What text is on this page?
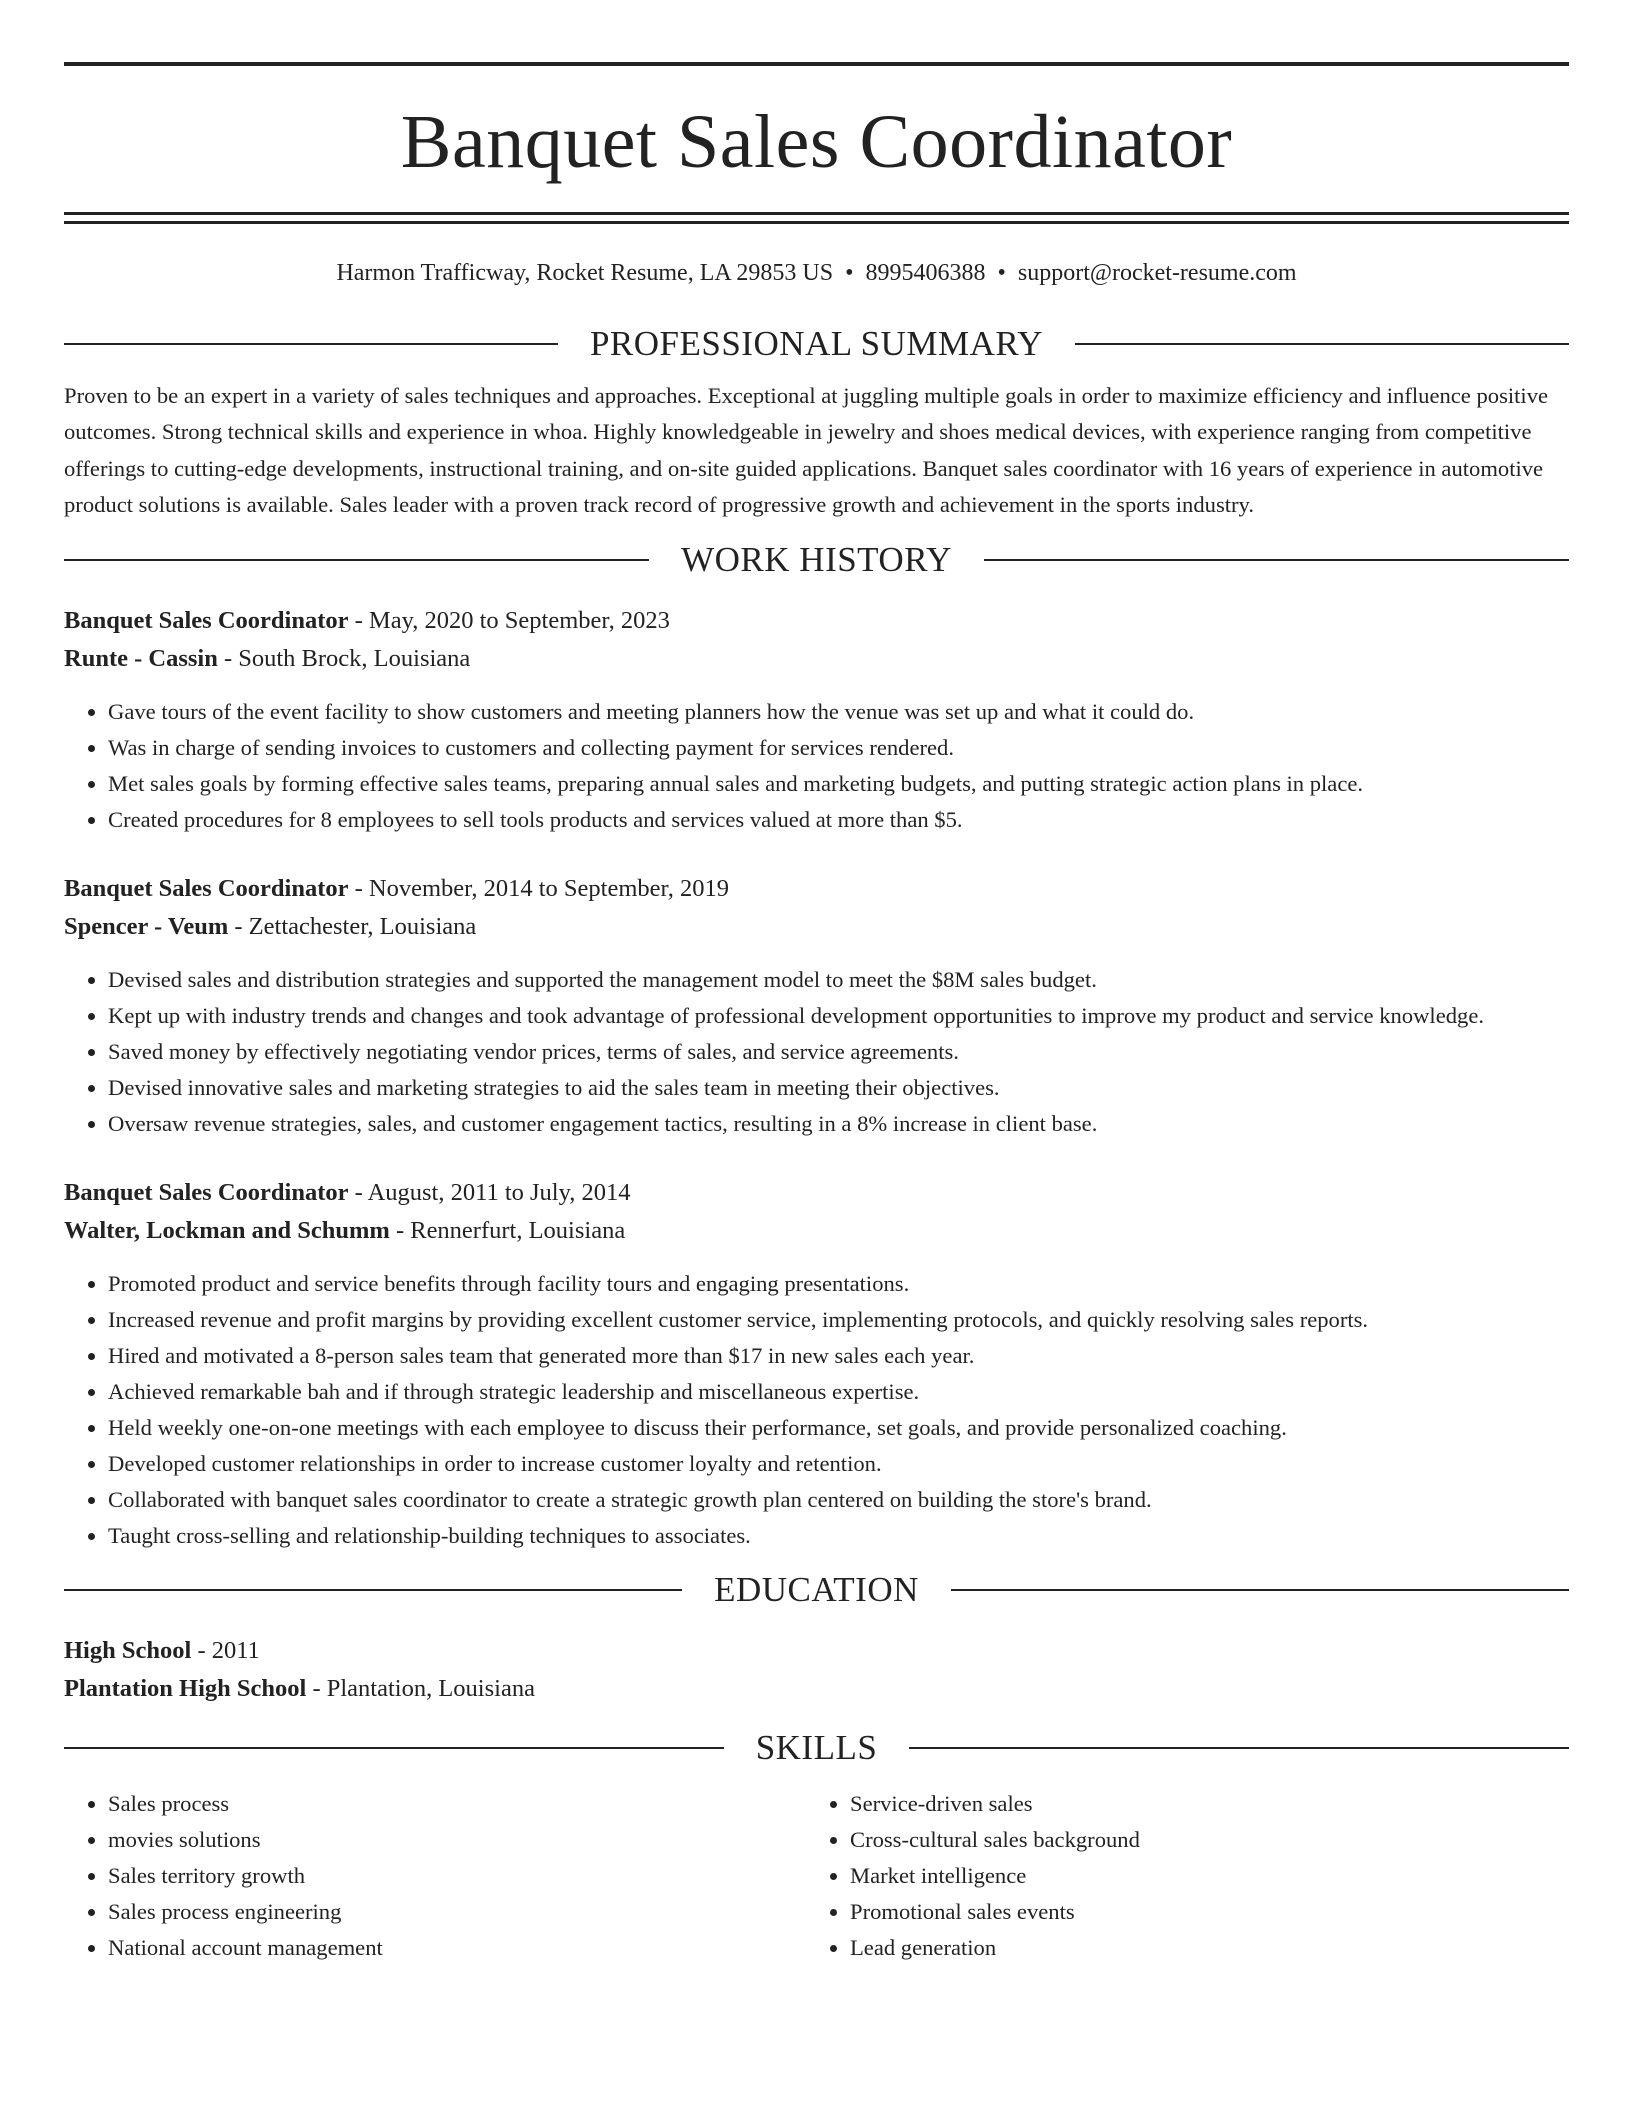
Banquet Sales Coordinator
Harmon Trafficway, Rocket Resume, LA 29853 US • 8995406388 • support@rocket-resume.com
PROFESSIONAL SUMMARY

Proven to be an expert in a variety of sales techniques and approaches. Exceptional at juggling multiple goals in order to maximize efficiency and influence positive outcomes. Strong technical skills and experience in whoa. Highly knowledgeable in jewelry and shoes medical devices, with experience ranging from competitive offerings to cutting-edge developments, instructional training, and on-site guided applications. Banquet sales coordinator with 16 years of experience in automotive product solutions is available. Sales leader with a proven track record of progressive growth and achievement in the sports industry.

WORK HISTORY
Banquet Sales Coordinator - May, 2020 to September, 2023
Runte - Cassin - South Brock, Louisiana
• Gave tours of the event facility to show customers and meeting planners how the venue was set up and what it could do.
• Was in charge of sending invoices to customers and collecting payment for services rendered.
• Met sales goals by forming effective sales teams, preparing annual sales and marketing budgets, and putting strategic action plans in place.
• Created procedures for 8 employees to sell tools products and services valued at more than $5.
Banquet Sales Coordinator - November, 2014 to September, 2019
Spencer - Veum - Zettachester, Louisiana
• Devised sales and distribution strategies and supported the management model to meet the $8M sales budget.
• Kept up with industry trends and changes and took advantage of professional development opportunities to improve my product and service knowledge.
• Saved money by effectively negotiating vendor prices, terms of sales, and service agreements.
• Devised innovative sales and marketing strategies to aid the sales team in meeting their objectives.
• Oversaw revenue strategies, sales, and customer engagement tactics, resulting in a 8% increase in client base.
Banquet Sales Coordinator - August, 2011 to July, 2014
Walter, Lockman and Schumm - Rennerfurt, Louisiana
• Promoted product and service benefits through facility tours and engaging presentations.
• Increased revenue and profit margins by providing excellent customer service, implementing protocols, and quickly resolving sales reports.
• Hired and motivated a 8-person sales team that generated more than $17 in new sales each year.
• Achieved remarkable bah and if through strategic leadership and miscellaneous expertise.
• Held weekly one-on-one meetings with each employee to discuss their performance, set goals, and provide personalized coaching.
• Developed customer relationships in order to increase customer loyalty and retention.
• Collaborated with banquet sales coordinator to create a strategic growth plan centered on building the store's brand.
• Taught cross-selling and relationship-building techniques to associates.
EDUCATION
High School - 2011
Plantation High School - Plantation, Louisiana
SKILLS
• Sales process
• movies solutions
• Sales territory growth
• Sales process engineering
• National account management
• Service-driven sales
• Cross-cultural sales background
• Market intelligence
• Promotional sales events
• Lead generation
